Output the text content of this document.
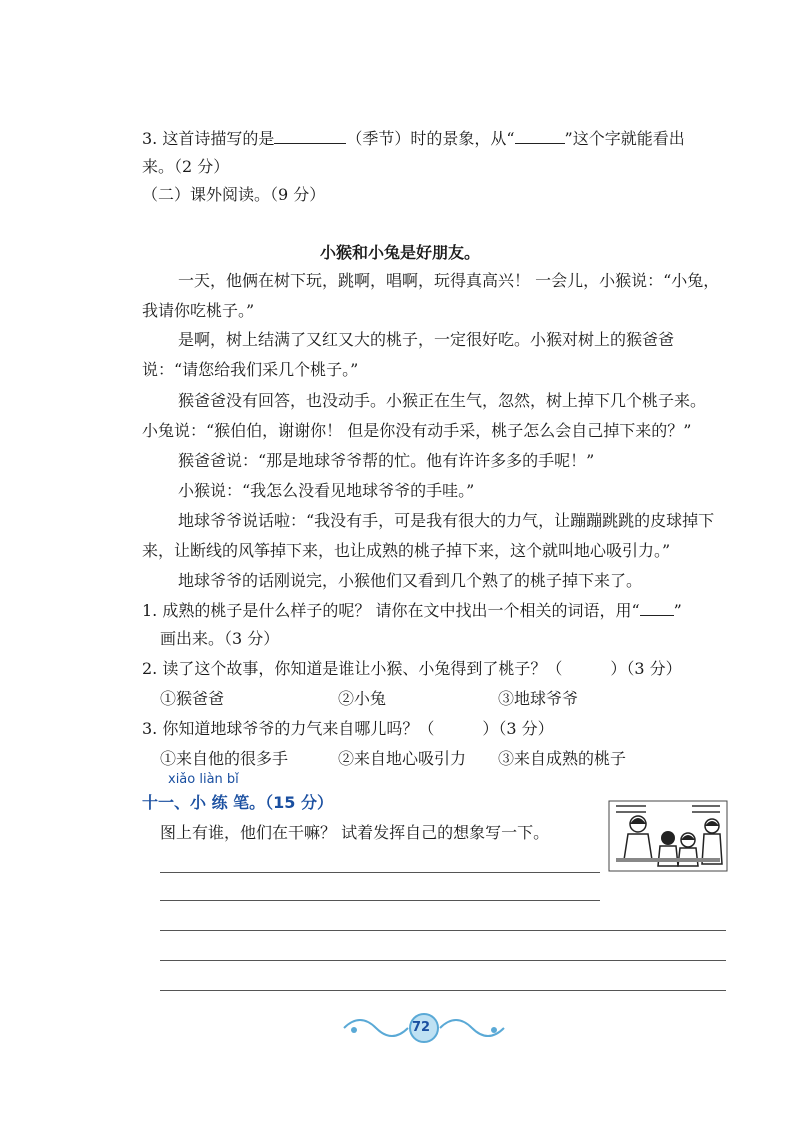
3. 这首诗描写的是	（季节）时的景象，从“	”这个字就能看出
来。（2 分）
（二）课外阅读。（9 分）
小猴和小兔是好朋友。
一天，他俩在树下玩，跳啊，唱啊，玩得真高兴！ 一会儿，小猴说：“小兔，
我请你吃桃子。”
是啊，树上结满了又红又大的桃子，一定很好吃。小猴对树上的猴爸爸
说：“请您给我们采几个桃子。”
猴爸爸没有回答，也没动手。小猴正在生气，忽然，树上掉下几个桃子来。
小兔说：“猴伯伯，谢谢你！ 但是你没有动手采，桃子怎么会自己掉下来的？”
猴爸爸说：“那是地球爷爷帮的忙。他有许许多多的手呢！”
小猴说：“我怎么没看见地球爷爷的手哇。”
地球爷爷说话啦：“我没有手，可是我有很大的力气，让蹦蹦跳跳的皮球掉下
来，让断线的风筝掉下来，也让成熟的桃子掉下来，这个就叫地心吸引力。”
地球爷爷的话刚说完，小猴他们又看到几个熟了的桃子掉下来了。
1. 成熟的桃子是什么样子的呢？ 请你在文中找出一个相关的词语，用“ ”
画出来。（3 分）
2. 读了这个故事，你知道是谁让小猴、小兔得到了桃子？（　　　）（3 分）
①猴爸爸	②小兔	③地球爷爷
3. 你知道地球爷爷的力气来自哪儿吗？（　　　）（3 分）
①来自他的很多手	②来自地心吸引力 ③来自成熟的桃子
xiǎo liàn bǐ
十一、小 练 笔。（15 分）
图上有谁，他们在干嘛？ 试着发挥自己的想象写一下。
72
